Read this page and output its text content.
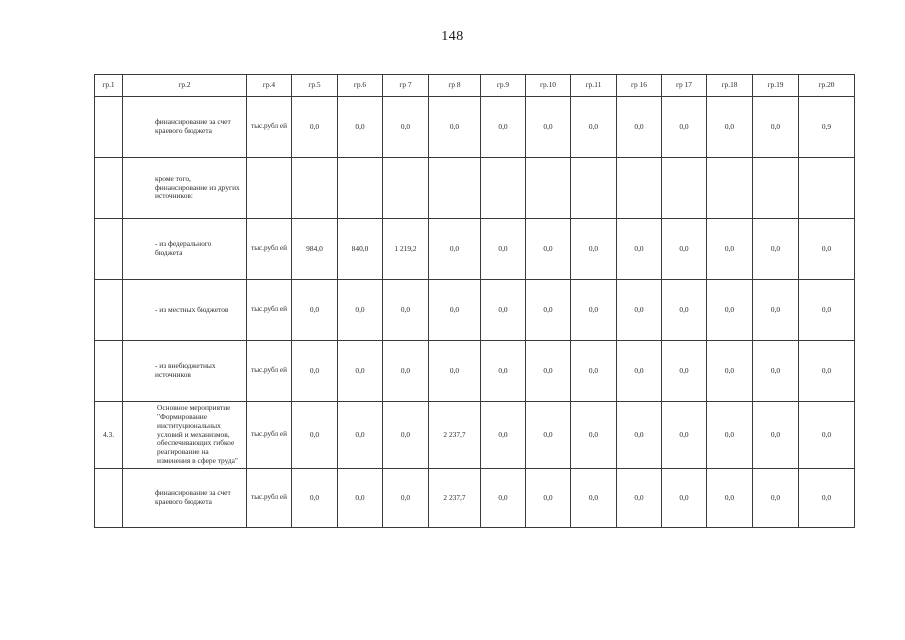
148
гр.1	гр.2	гр.4	гр.5	гр.6	гр 7	гр 8	гр.9	гр.10	гр.11	гр 16	гр 17	гр.18	гр.19	гр.20
	финансирование за счет краевого бюджета	тыс.рубл ей	0,0	0,0	0,0	0,0	0,0	0,0	0,0	0,0	0,0	0,0	0,0	0,9
	кроме того, финансирование из других источников:													
	- из федерального бюджета	тыс.рубл ей	984,0	840,0	1 219,2	0,0	0,0	0,0	0,0	0,0	0,0	0,0	0,0	0,0
	- из местных бюджетов	тыс.рубл ей	0,0	0,0	0,0	0,0	0,0	0,0	0,0	0,0	0,0	0,0	0,0	0,0
	- из внебюджетных источников	тыс.рубл ей	0,0	0,0	0,0	0,0	0,0	0,0	0,0	0,0	0,0	0,0	0,0	0,0
4.3.	Основное мероприятие "Формирование институциональных условий и механизмов, обеспечивающих гибкое реагирование на изменения в сфере труда"	тыс.рубл ей	0,0	0,0	0,0	2 237,7	0,0	0,0	0,0	0,0	0,0	0,0	0,0	0,0
	финансирование за счет краевого бюджета	тыс.рубл ей	0,0	0,0	0,0	2 237,7	0,0	0,0	0,0	0,0	0,0	0,0	0,0	0,0
